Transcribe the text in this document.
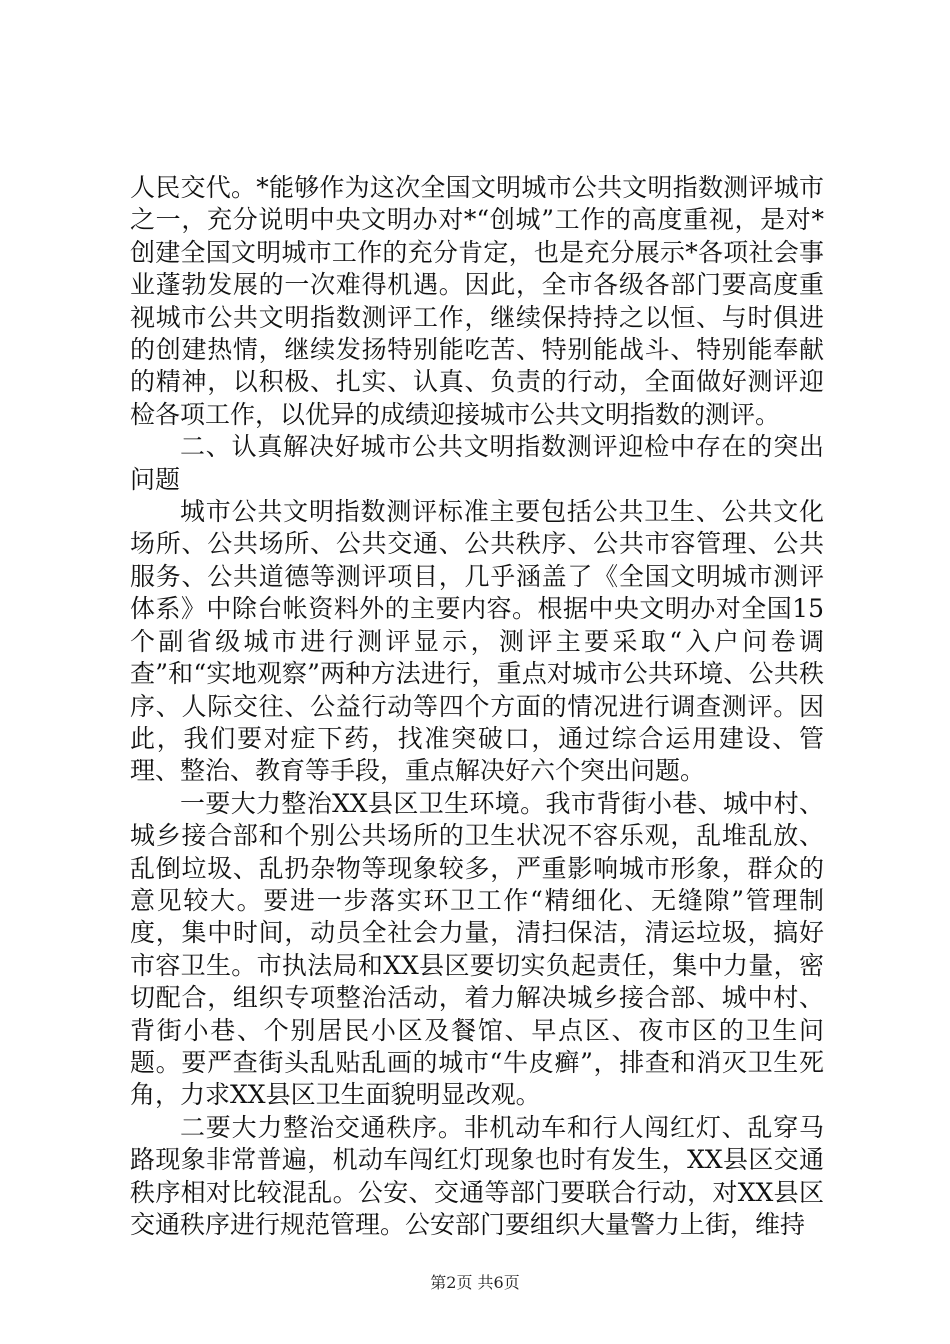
人民交代。*能够作为这次全国文明城市公共文明指数测评城市之一，充分说明中央文明办对*“创城”工作的高度重视，是对*创建全国文明城市工作的充分肯定，也是充分展示*各项社会事业蓬勃发展的一次难得机遇。因此，全市各级各部门要高度重视城市公共文明指数测评工作，继续保持持之以恒、与时俱进的创建热情，继续发扬特别能吃苦、特别能战斗、特别能奉献的精神，以积极、扎实、认真、负责的行动，全面做好测评迎检各项工作，以优异的成绩迎接城市公共文明指数的测评。

二、认真解决好城市公共文明指数测评迎检中存在的突出问题

城市公共文明指数测评标准主要包括公共卫生、公共文化场所、公共场所、公共交通、公共秩序、公共市容管理、公共服务、公共道德等测评项目，几乎涵盖了《全国文明城市测评体系》中除台帐资料外的主要内容。根据中央文明办对全国15个副省级城市进行测评显示，测评主要采取“入户问卷调查”和“实地观察”两种方法进行，重点对城市公共环境、公共秩序、人际交往、公益行动等四个方面的情况进行调查测评。因此，我们要对症下药，找准突破口，通过综合运用建设、管理、整治、教育等手段，重点解决好六个突出问题。

一要大力整治XX县区卫生环境。我市背街小巷、城中村、城乡接合部和个别公共场所的卫生状况不容乐观，乱堆乱放、乱倒垃圾、乱扔杂物等现象较多，严重影响城市形象，群众的意见较大。要进一步落实环卫工作“精细化、无缝隙”管理制度，集中时间，动员全社会力量，清扫保洁，清运垃圾，搞好市容卫生。市执法局和XX县区要切实负起责任，集中力量，密切配合，组织专项整治活动，着力解决城乡接合部、城中村、背街小巷、个别居民小区及餐馆、早点区、夜市区的卫生问题。要严查街头乱贴乱画的城市“牛皮癣”，排查和消灭卫生死角，力求XX县区卫生面貌明显改观。

二要大力整治交通秩序。非机动车和行人闯红灯、乱穿马路现象非常普遍，机动车闯红灯现象也时有发生，XX县区交通秩序相对比较混乱。公安、交通等部门要联合行动，对XX县区交通秩序进行规范管理。公安部门要组织大量警力上街，维持

第2页 共6页
